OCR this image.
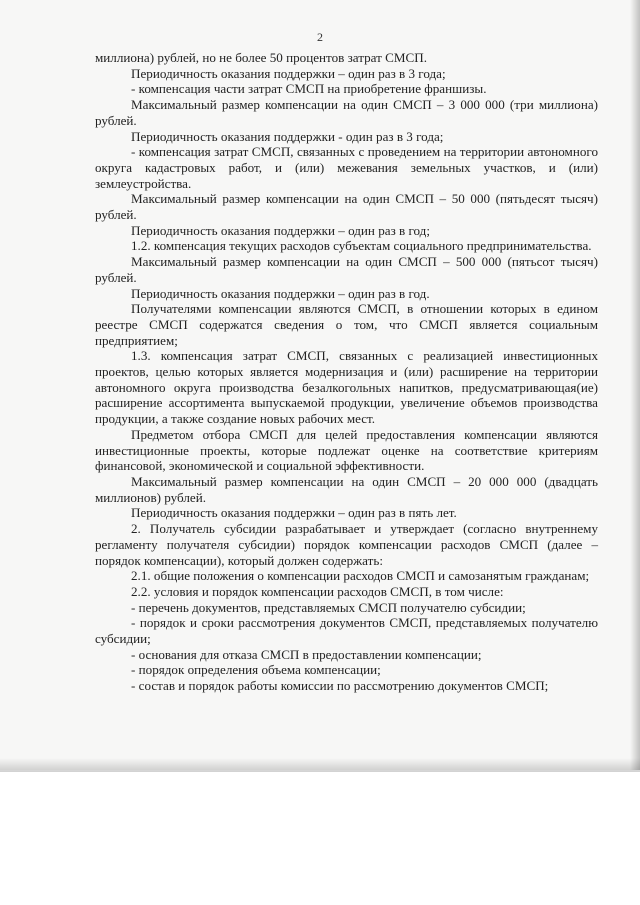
2

миллиона) рублей, но не более 50 процентов затрат СМСП.

Периодичность оказания поддержки – один раз в 3 года;

- компенсация части затрат СМСП на приобретение франшизы.

Максимальный размер компенсации на один СМСП – 3 000 000 (три миллиона) рублей.

Периодичность оказания поддержки - один раз в 3 года;

- компенсация затрат СМСП, связанных с проведением на территории автономного округа кадастровых работ, и (или) межевания земельных участков, и (или) землеустройства.

Максимальный размер компенсации на один СМСП – 50 000 (пятьдесят тысяч) рублей.

Периодичность оказания поддержки – один раз в год;

1.2. компенсация текущих расходов субъектам социального предпринимательства.

Максимальный размер компенсации на один СМСП – 500 000 (пятьсот тысяч) рублей.

Периодичность оказания поддержки – один раз в год.

Получателями компенсации являются СМСП, в отношении которых в едином реестре СМСП содержатся сведения о том, что СМСП является социальным предприятием;

1.3. компенсация затрат СМСП, связанных с реализацией инвестиционных проектов, целью которых является модернизация и (или) расширение на территории автономного округа производства безалкогольных напитков, предусматривающая(ие) расширение ассортимента выпускаемой продукции, увеличение объемов производства продукции, а также создание новых рабочих мест.

Предметом отбора СМСП для целей предоставления компенсации являются инвестиционные проекты, которые подлежат оценке на соответствие критериям финансовой, экономической и социальной эффективности.

Максимальный размер компенсации на один СМСП – 20 000 000 (двадцать миллионов) рублей.

Периодичность оказания поддержки – один раз в пять лет.

2. Получатель субсидии разрабатывает и утверждает (согласно внутреннему регламенту получателя субсидии) порядок компенсации расходов СМСП (далее – порядок компенсации), который должен содержать:

2.1. общие положения о компенсации расходов СМСП и самозанятым гражданам;

2.2. условия и порядок компенсации расходов СМСП, в том числе:

- перечень документов, представляемых СМСП получателю субсидии;

- порядок и сроки рассмотрения документов СМСП, представляемых получателю субсидии;

- основания для отказа СМСП в предоставлении компенсации;

- порядок определения объема компенсации;

- состав и порядок работы комиссии по рассмотрению документов СМСП;
